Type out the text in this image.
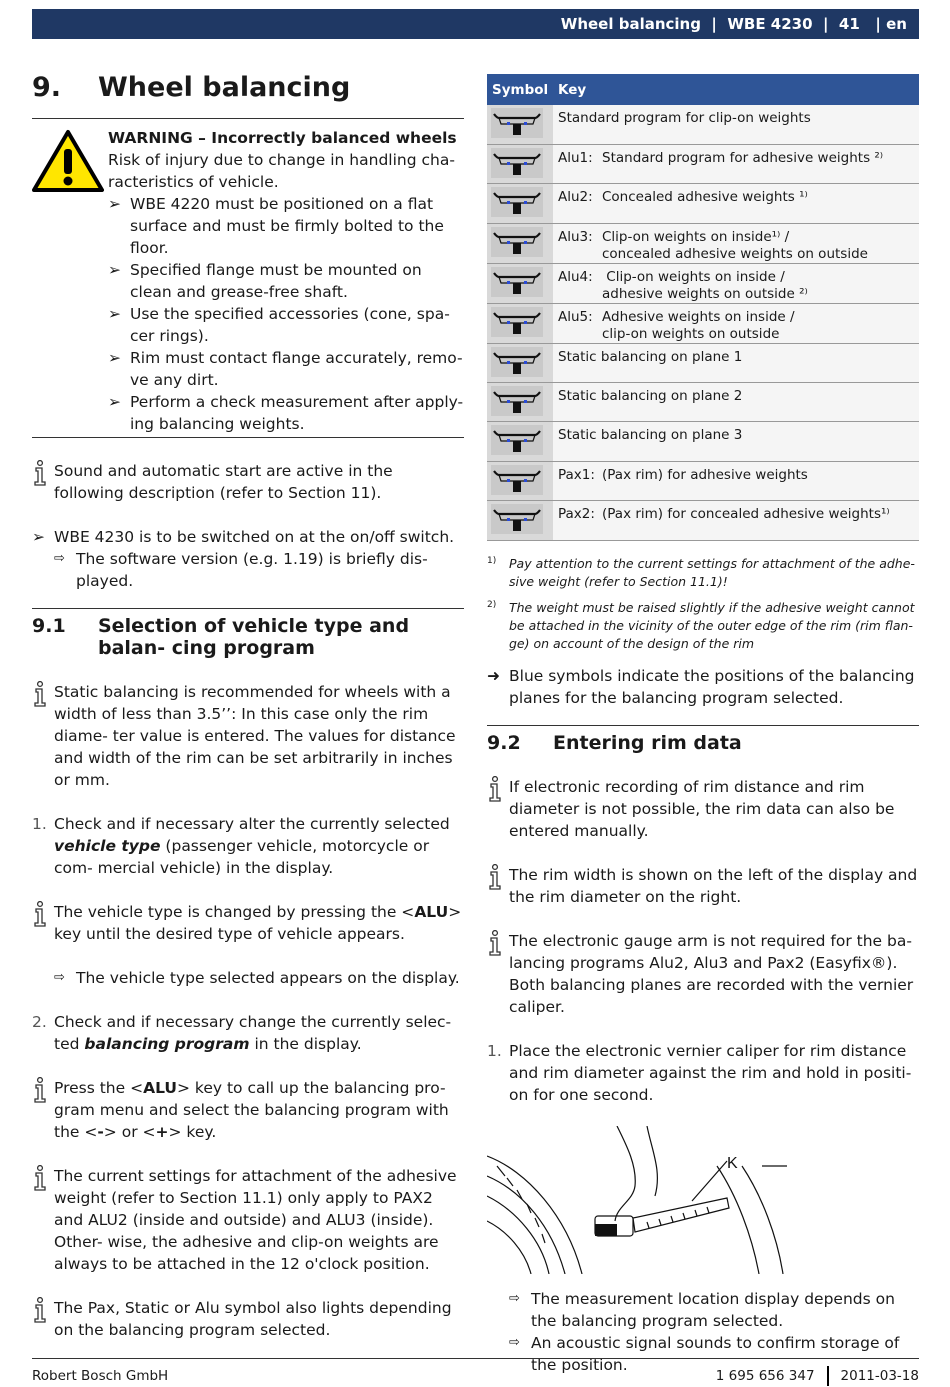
Wheel balancing  |  WBE 4230  |  41   | en
9.	Wheel balancing
WARNING – Incorrectly balanced wheels
Risk of injury due to change in handling cha-
racteristics of vehicle.
➢ WBE 4220 must be positioned on a flat surface and must be firmly bolted to the floor.
➢ Specified flange must be mounted on clean and grease-free shaft.
➢ Use the specified accessories (cone, spa- cer rings).
➢ Rim must contact flange accurately, remo- ve any dirt.
➢ Perform a check measurement after apply- ing balancing weights.
Sound and automatic start are active in the following description (refer to Section 11).
➢ WBE 4230 is to be switched on at the on/off switch.
⇨ The software version (e.g. 1.19) is briefly dis- played.
9.1	Selection of vehicle type and balan- cing program
Static balancing is recommended for wheels with a width of less than 3.5’’: In this case only the rim diame- ter value is entered. The values for distance and width of the rim can be set arbitrarily in inches or mm.
1. Check and if necessary alter the currently selected vehicle type (passenger vehicle, motorcycle or com- mercial vehicle) in the display.
The vehicle type is changed by pressing the <ALU> key until the desired type of vehicle appears.
⇨ The vehicle type selected appears on the display.
2. Check and if necessary change the currently selec- ted balancing program in the display.
Press the <ALU> key to call up the balancing pro- gram menu and select the balancing program with the <-> or <+> key.
The current settings for attachment of the adhesive weight (refer to Section 11.1) only apply to PAX2 and ALU2 (inside and outside) and ALU3 (inside). Other- wise, the adhesive and clip-on weights are always to be attached in the 12 o'clock position.
The Pax, Static or Alu symbol also lights depending on the balancing program selected.
Symbol	Key

	Standard program for clip-on weights

	Alu1: Standard program for adhesive weights ²⁾

	Alu2: Concealed adhesive weights ¹⁾

	Alu3: Clip-on weights on inside¹⁾ /
concealed adhesive weights on outside

	Alu4: Clip-on weights on inside /
adhesive weights on outside ²⁾

	Alu5: Adhesive weights on inside /
clip-on weights on outside

	Static balancing on plane 1

	Static balancing on plane 2

	Static balancing on plane 3

	Pax1: (Pax rim) for adhesive weights

	Pax2: (Pax rim) for concealed adhesive weights¹⁾
1) Pay attention to the current settings for attachment of the adhe- sive weight (refer to Section 11.1)!
2) The weight must be raised slightly if the adhesive weight cannot be attached in the vicinity of the outer edge of the rim (rim flan- ge) on account of the design of the rim
➜ Blue symbols indicate the positions of the balancing planes for the balancing program selected.
9.2	Entering rim data
If electronic recording of rim distance and rim diameter is not possible, the rim data can also be entered manually.
The rim width is shown on the left of the display and the rim diameter on the right.
The electronic gauge arm is not required for the ba- lancing programs Alu2, Alu3 and Pax2 (Easyfix®). Both balancing planes are recorded with the vernier caliper.
1. Place the electronic vernier caliper for rim distance and rim diameter against the rim and hold in positi- on for one second.
K
⇨ The measurement location display depends on the balancing program selected.
⇨ An acoustic signal sounds to confirm storage of the position.
Robert Bosch GmbH	1 695 656 347 2011-03-18
